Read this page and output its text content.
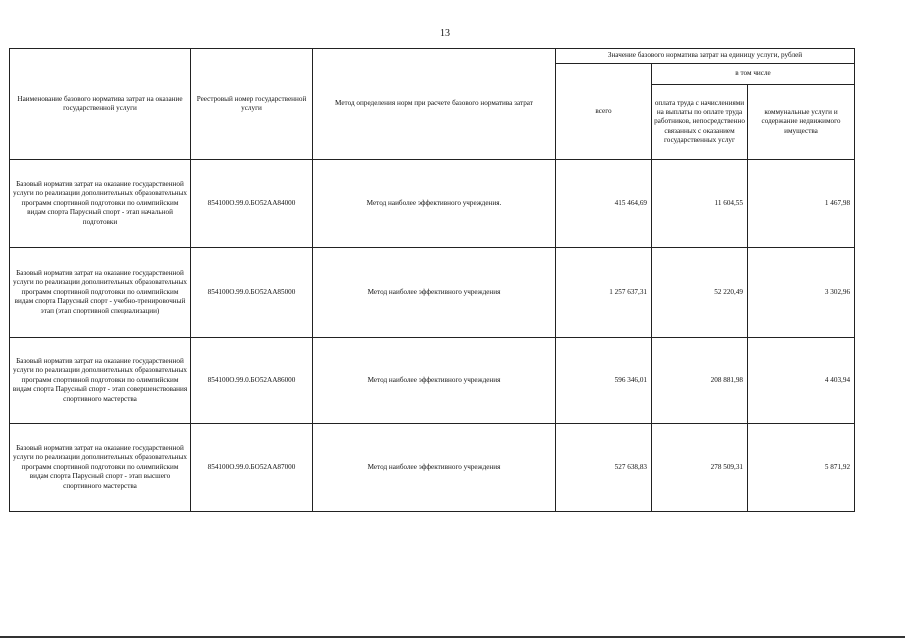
13
Наименование базового норматива затрат на оказание государственной услуги	Реестровый номер государственной услуги	Метод определения норм при расчете базового норматива затрат	Значение базового норматива затрат на единицу услуги, рублей		
			всего	в том числе	
				оплата труда с начислениями на выплаты по оплате труда работников, непосредственно связанных с оказанием государственных услуг	коммунальные услуги и содержание недвижимого имущества
Базовый норматив затрат на оказание государственной услуги по реализации дополнительных образовательных программ спортивной подготовки по олимпийским видам спорта Парусный спорт - этап начальной подготовки	854100О.99.0.БО52АА84000	Метод наиболее эффективного учреждения.	415 464,69	11 604,55	1 467,98
Базовый норматив затрат на оказание государственной услуги по реализации дополнительных образовательных программ спортивной подготовки по олимпийским видам спорта Парусный спорт - учебно-тренировочный этап (этап спортивной специализации)	854100О.99.0.БО52АА85000	Метод наиболее эффективного учреждения	1 257 637,31	52 220,49	3 302,96
Базовый норматив затрат на оказание государственной услуги по реализации дополнительных образовательных программ спортивной подготовки по олимпийским видам спорта Парусный спорт - этап совершенствования спортивного мастерства	854100О.99.0.БО52АА86000	Метод наиболее эффективного учреждения	596 346,01	208 881,98	4 403,94
Базовый норматив затрат на оказание государственной услуги по реализации дополнительных образовательных программ спортивной подготовки по олимпийским видам спорта Парусный спорт - этап высшего спортивного мастерства	854100О.99.0.БО52АА87000	Метод наиболее эффективного учреждения	527 638,83	278 509,31	5 871,92
